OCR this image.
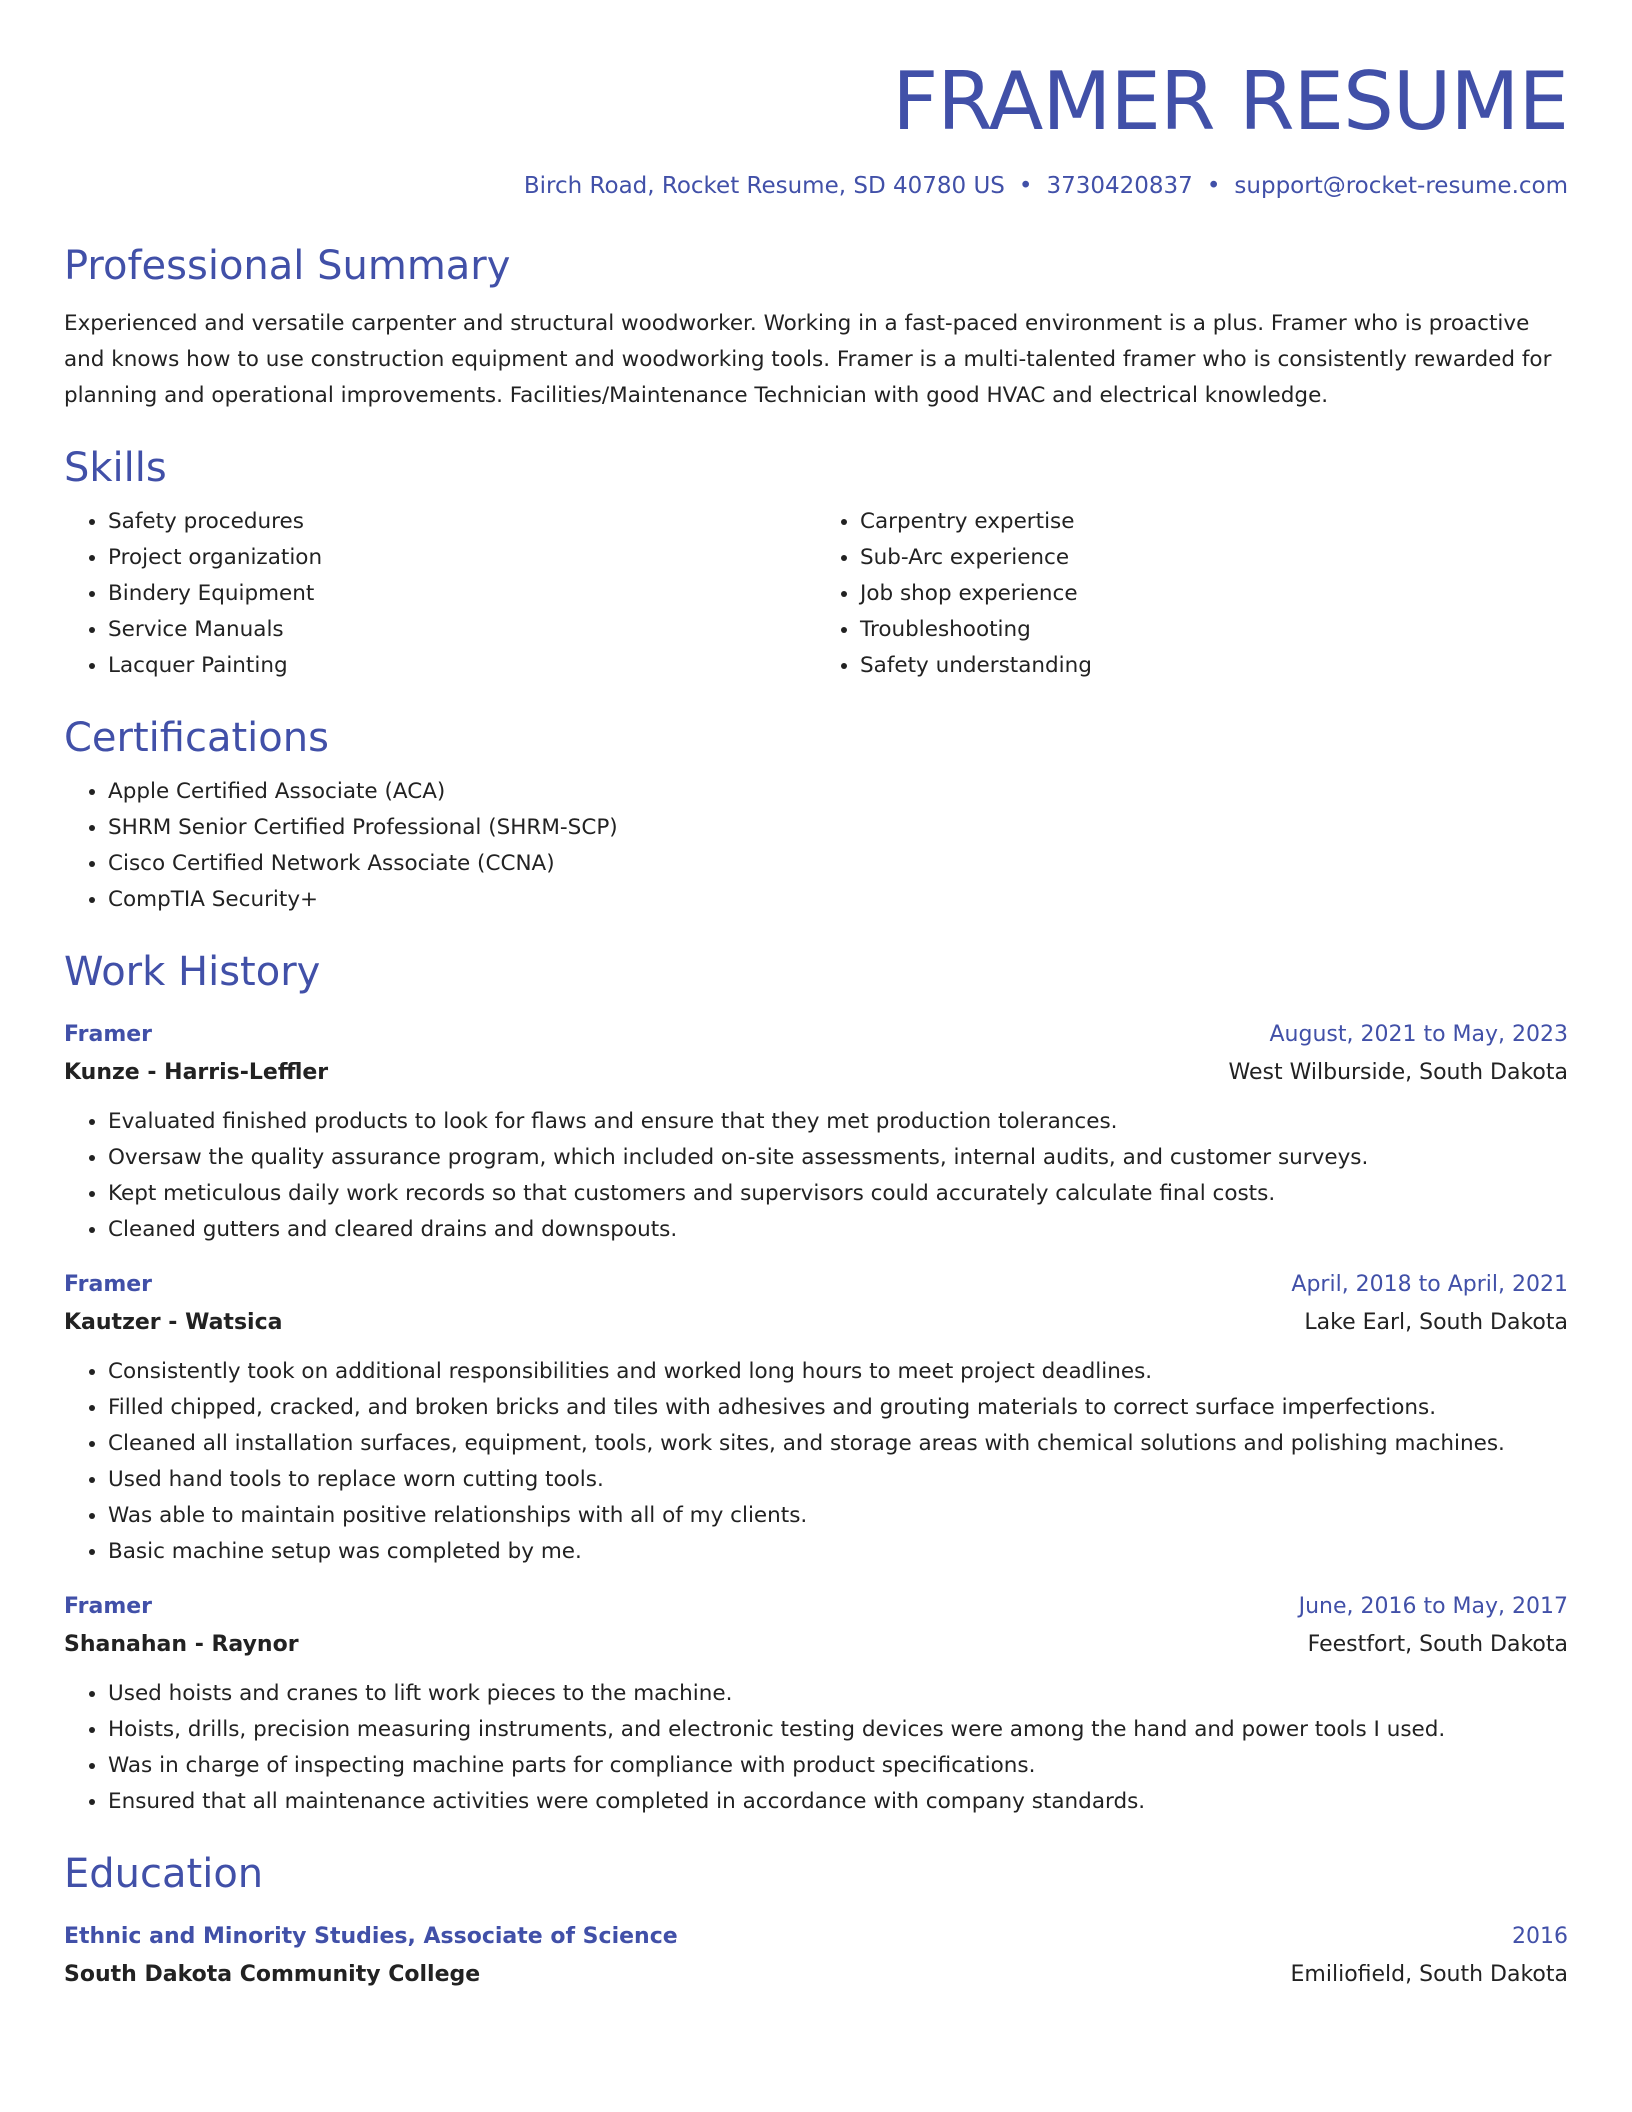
FRAMER RESUME
Birch Road, Rocket Resume, SD 40780 US • 3730420837 • support@rocket-resume.com
Professional Summary
Experienced and versatile carpenter and structural woodworker. Working in a fast-paced environment is a plus. Framer who is proactive and knows how to use construction equipment and woodworking tools. Framer is a multi-talented framer who is consistently rewarded for planning and operational improvements. Facilities/Maintenance Technician with good HVAC and electrical knowledge.
Skills
• Safety procedures
• Project organization
• Bindery Equipment
• Service Manuals
• Lacquer Painting
• Carpentry expertise
• Sub-Arc experience
• Job shop experience
• Troubleshooting
• Safety understanding
Certifications
• Apple Certified Associate (ACA)
• SHRM Senior Certified Professional (SHRM-SCP)
• Cisco Certified Network Associate (CCNA)
• CompTIA Security+
Work History
Framer	August, 2021 to May, 2023
Kunze - Harris-Leffler	West Wilburside, South Dakota
• Evaluated finished products to look for flaws and ensure that they met production tolerances.
• Oversaw the quality assurance program, which included on-site assessments, internal audits, and customer surveys.
• Kept meticulous daily work records so that customers and supervisors could accurately calculate final costs.
• Cleaned gutters and cleared drains and downspouts.
Framer	April, 2018 to April, 2021
Kautzer - Watsica	Lake Earl, South Dakota
• Consistently took on additional responsibilities and worked long hours to meet project deadlines.
• Filled chipped, cracked, and broken bricks and tiles with adhesives and grouting materials to correct surface imperfections.
• Cleaned all installation surfaces, equipment, tools, work sites, and storage areas with chemical solutions and polishing machines.
• Used hand tools to replace worn cutting tools.
• Was able to maintain positive relationships with all of my clients.
• Basic machine setup was completed by me.
Framer	June, 2016 to May, 2017
Shanahan - Raynor	Feestfort, South Dakota
• Used hoists and cranes to lift work pieces to the machine.
• Hoists, drills, precision measuring instruments, and electronic testing devices were among the hand and power tools I used.
• Was in charge of inspecting machine parts for compliance with product specifications.
• Ensured that all maintenance activities were completed in accordance with company standards.
Education
Ethnic and Minority Studies, Associate of Science	2016
South Dakota Community College	Emiliofield, South Dakota
